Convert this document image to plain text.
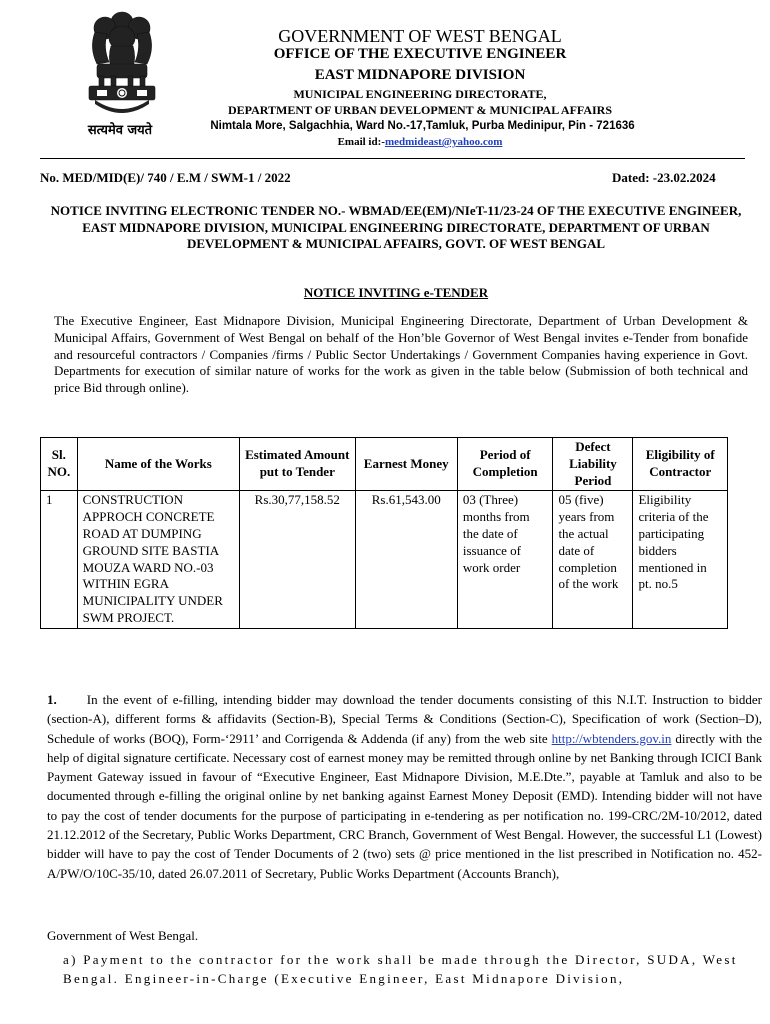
सत्यमेव जयते
GOVERNMENT OF WEST BENGAL
OFFICE OF THE EXECUTIVE ENGINEER
EAST MIDNAPORE DIVISION
MUNICIPAL ENGINEERING DIRECTORATE,
DEPARTMENT OF URBAN DEVELOPMENT & MUNICIPAL AFFAIRS
Nimtala More, Salgachhia, Ward No.-17,Tamluk, Purba Medinipur, Pin - 721636
Email id:-medmideast@yahoo.com
No. MED/MID(E)/ 740 / E.M / SWM-1 / 2022	Dated: -23.02.2024
NOTICE INVITING ELECTRONIC TENDER NO.- WBMAD/EE(EM)/NIeT-11/23-24 OF THE EXECUTIVE ENGINEER, EAST MIDNAPORE DIVISION, MUNICIPAL ENGINEERING DIRECTORATE, DEPARTMENT OF URBAN DEVELOPMENT & MUNICIPAL AFFAIRS, GOVT. OF WEST BENGAL
NOTICE INVITING e-TENDER
The Executive Engineer, East Midnapore Division, Municipal Engineering Directorate, Department of Urban Development & Municipal Affairs, Government of West Bengal on behalf of the Hon’ble Governor of West Bengal invites e-Tender from bonafide and resourceful contractors / Companies /firms / Public Sector Undertakings / Government Companies having experience in Govt. Departments for execution of similar nature of works for the work as given in the table below (Submission of both technical and price Bid through online).
Sl. NO.	Name of the Works	Estimated Amount put to Tender	Earnest Money	Period of Completion	Defect Liability Period	Eligibility of Contractor
1	CONSTRUCTION APPROCH CONCRETE ROAD AT DUMPING GROUND SITE BASTIA MOUZA WARD NO.-03 WITHIN EGRA MUNICIPALITY UNDER SWM PROJECT.	Rs.30,77,158.52	Rs.61,543.00	03 (Three) months from the date of issuance of work order	05 (five) years from the actual date of completion of the work	Eligibility criteria of the participating bidders mentioned in pt. no.5
1. In the event of e-filling, intending bidder may download the tender documents consisting of this N.I.T. Instruction to bidder (section-A), different forms & affidavits (Section-B), Special Terms & Conditions (Section-C), Specification of work (Section–D), Schedule of works (BOQ), Form-‘2911’ and Corrigenda & Addenda (if any) from the web site http://wbtenders.gov.in directly with the help of digital signature certificate. Necessary cost of earnest money may be remitted through online by net Banking through ICICI Bank Payment Gateway issued in favour of “Executive Engineer, East Midnapore Division, M.E.Dte.”, payable at Tamluk and also to be documented through e-filling the original online by net banking against Earnest Money Deposit (EMD). Intending bidder will not have to pay the cost of tender documents for the purpose of participating in e-tendering as per notification no. 199-CRC/2M-10/2012, dated 21.12.2012 of the Secretary, Public Works Department, CRC Branch, Government of West Bengal. However, the successful L1 (Lowest) bidder will have to pay the cost of Tender Documents of 2 (two) sets @ price mentioned in the list prescribed in Notification no. 452-A/PW/O/10C-35/10, dated 26.07.2011 of Secretary, Public Works Department (Accounts Branch),
Government of West Bengal.
a) Payment to the contractor for the work shall be made through the Director, SUDA, West Bengal. Engineer-in-Charge (Executive Engineer, East Midnapore Division,
